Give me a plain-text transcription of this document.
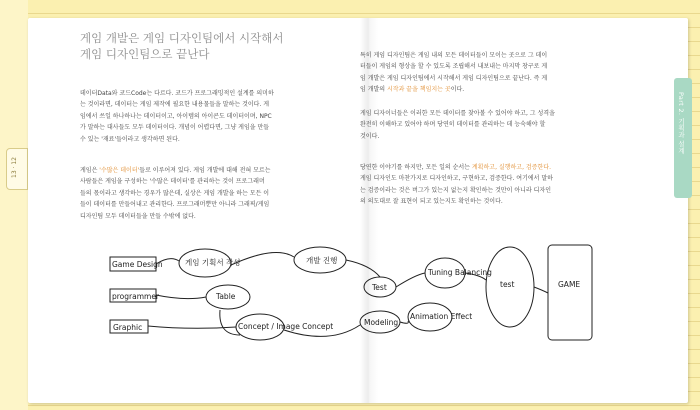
13 · 12
Part 2. 기획과 설계
게임 개발은 게임 디자인팀에서 시작해서
게임 디자인팀으로 끝난다
데이터Data와 코드Code는 다르다. 코드가 프로그래밍적인 설계를 의미하
는 것이라면, 데이터는 게임 제작에 필요한 내용물들을 말하는 것이다. 게
임에서 쓰일 하나하나는 데이터이고, 아이템의 아이콘도 데이터이며, NPC
가 말하는 대사들도 모두 데이터이다. 개념이 어렵다면, 그냥 게임을 만들
수 있는 '재료'들이라고 생각하면 된다.
게임은 '수많은 데이터'들로 이루어져 있다. 게임 개발에 대해 전혀 모르는
사람들은 게임을 구성하는 '수많은 데이터'를 관리하는 것이 프로그래머
들의 몫이라고 생각하는 경우가 많은데, 실상은 게임 개발을 하는 모든 이
들이 데이터를 만들어내고 관리한다. 프로그래머뿐만 아니라 그래픽/게임
디자인팀 모두 데이터들을 만들 수밖에 없다.
특히 게임 디자인팀은 게임 내의 모든 데이터들이 모이는 곳으로 그 데이
터들이 게임의 형상을 할 수 있도록 조립해서 내보내는 마지막 창구로 게
임 개발은 게임 디자인팀에서 시작해서 게임 디자인팀으로 끝난다. 즉 게
임 개발의 시작과 끝을 책임지는 곳이다.
게임 디자이너들은 이러한 모든 데이터를 찾아볼 수 있어야 하고, 그 성격을
완전히 이해하고 있어야 하며 당연히 데이터를 관리하는 데 능숙해야 할
것이다.
당연한 이야기를 하지만, 모든 일의 순서는 계획하고, 실행하고, 검증한다.
게임 디자인도 마찬가지로 디자인하고, 구현하고, 검증한다. 여기에서 말하
는 검증이라는 것은 버그가 있는지 없는지 확인하는 것만이 아니라 디자인
의 의도대로 잘 표현이 되고 있는지도 확인하는 것이다.
Game Design
programmer
Graphic
게임 기획서 작성
Table
Concept / Image Concept
개발 진행
Test
Modeling
Animation Effect
Tuning Balancing
test	GAME
